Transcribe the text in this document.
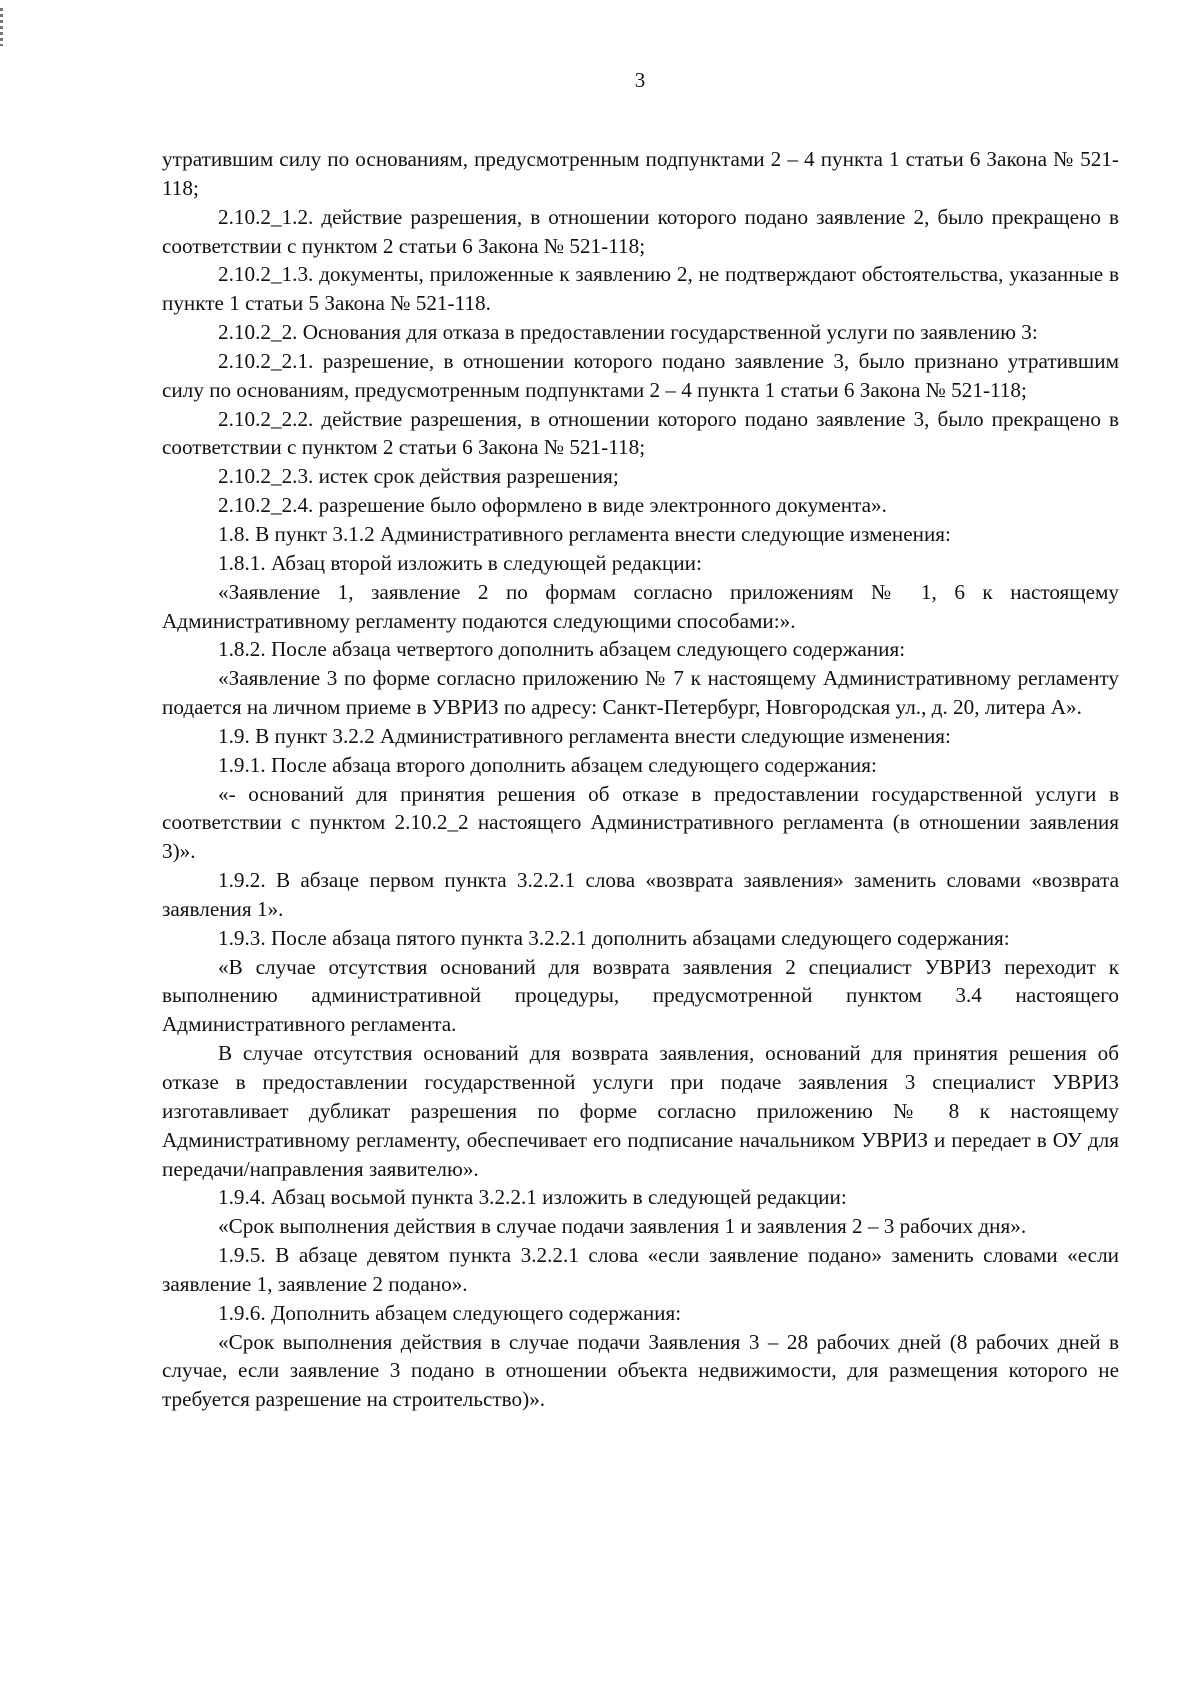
3

утратившим силу по основаниям, предусмотренным подпунктами 2 – 4 пункта 1 статьи 6 Закона № 521-118;

2.10.2_1.2. действие разрешения, в отношении которого подано заявление 2, было прекращено в соответствии с пунктом 2 статьи 6 Закона № 521-118;

2.10.2_1.3. документы, приложенные к заявлению 2, не подтверждают обстоятельства, указанные в пункте 1 статьи 5 Закона № 521-118.

2.10.2_2. Основания для отказа в предоставлении государственной услуги по заявлению 3:

2.10.2_2.1. разрешение, в отношении которого подано заявление 3, было признано утратившим силу по основаниям, предусмотренным подпунктами 2 – 4 пункта 1 статьи 6 Закона № 521-118;

2.10.2_2.2. действие разрешения, в отношении которого подано заявление 3, было прекращено в соответствии с пунктом 2 статьи 6 Закона № 521-118;

2.10.2_2.3. истек срок действия разрешения;

2.10.2_2.4. разрешение было оформлено в виде электронного документа».

1.8. В пункт 3.1.2 Административного регламента внести следующие изменения:

1.8.1. Абзац второй изложить в следующей редакции:

«Заявление 1, заявление 2 по формам согласно приложениям № 1, 6 к настоящему Административному регламенту подаются следующими способами:».

1.8.2. После абзаца четвертого дополнить абзацем следующего содержания:

«Заявление 3 по форме согласно приложению № 7 к настоящему Административному регламенту подается на личном приеме в УВРИЗ по адресу: Санкт-Петербург, Новгородская ул., д. 20, литера А».

1.9. В пункт 3.2.2 Административного регламента внести следующие изменения:

1.9.1. После абзаца второго дополнить абзацем следующего содержания:

«- оснований для принятия решения об отказе в предоставлении государственной услуги в соответствии с пунктом 2.10.2_2 настоящего Административного регламента (в отношении заявления 3)».

1.9.2. В абзаце первом пункта 3.2.2.1 слова «возврата заявления» заменить словами «возврата заявления 1».

1.9.3. После абзаца пятого пункта 3.2.2.1 дополнить абзацами следующего содержания:

«В случае отсутствия оснований для возврата заявления 2 специалист УВРИЗ переходит к выполнению административной процедуры, предусмотренной пунктом 3.4 настоящего Административного регламента.

В случае отсутствия оснований для возврата заявления, оснований для принятия решения об отказе в предоставлении государственной услуги при подаче заявления 3 специалист УВРИЗ изготавливает дубликат разрешения по форме согласно приложению № 8 к настоящему Административному регламенту, обеспечивает его подписание начальником УВРИЗ и передает в ОУ для передачи/направления заявителю».

1.9.4. Абзац восьмой пункта 3.2.2.1 изложить в следующей редакции:

«Срок выполнения действия в случае подачи заявления 1 и заявления 2 – 3 рабочих дня».

1.9.5. В абзаце девятом пункта 3.2.2.1 слова «если заявление подано» заменить словами «если заявление 1, заявление 2 подано».

1.9.6. Дополнить абзацем следующего содержания:

«Срок выполнения действия в случае подачи Заявления 3 – 28 рабочих дней (8 рабочих дней в случае, если заявление 3 подано в отношении объекта недвижимости, для размещения которого не требуется разрешение на строительство)».
